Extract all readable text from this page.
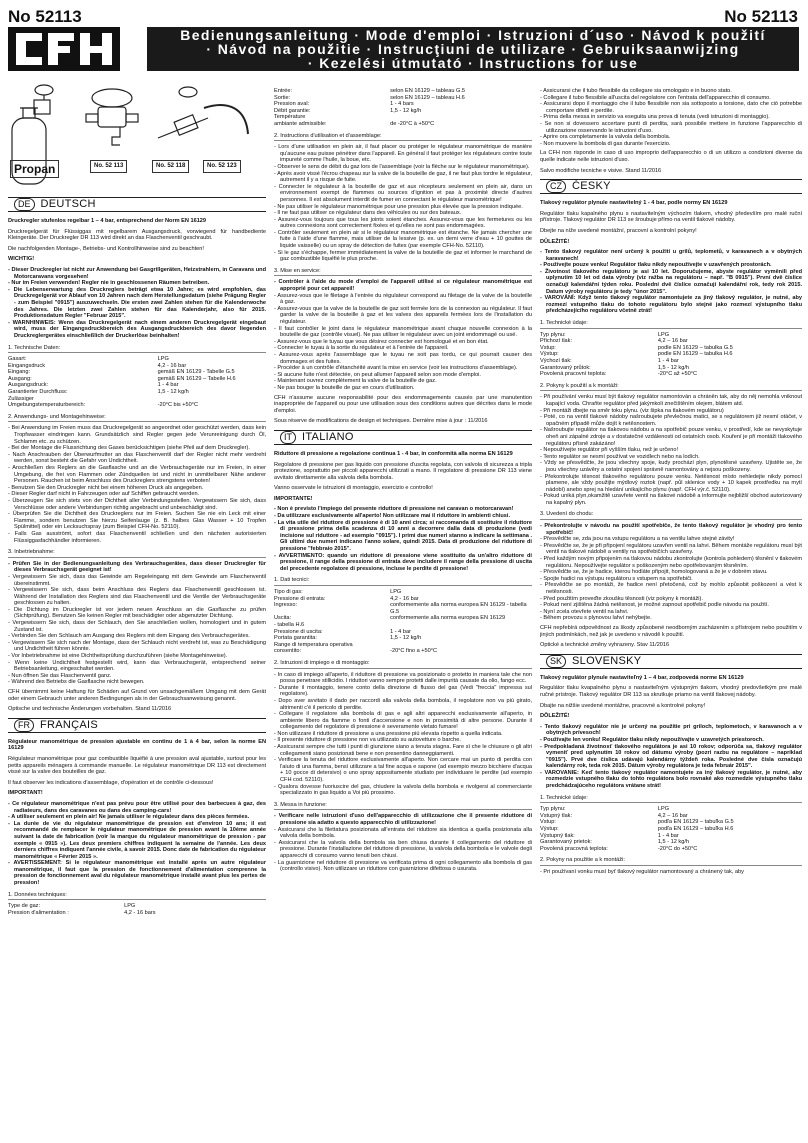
No 52113	No 52113
Bedienungsanleitung · Mode d'emploi · Istruzioni d´uso · Návod k použití
· Návod na použitie · Instrucţiuni de utilizare · Gebruiksaanwijzing
· Kezelési útmutató · Instructions for use
Propan	No. 52 113	No. 52 118	No. 52 123
DE DEUTSCH

Druckregler stufenlos regelbar 1 – 4 bar, entsprechend der Norm EN 16129

Druckregelgerät für Flüssiggas mit regelbarem Ausgangsdruck, vorwiegend für handbediente Kleingeräte. Der Druckregler DR 113 wird direkt an das Flaschenventil geschraubt.

Die nachfolgenden Montage-, Betriebs- und Kontrollhinweise sind zu beachten!

WICHTIG!

- Dieser Druckregler ist nicht zur Anwendung bei Gasgrillgeräten, Heizstrahlern, in Caravans und Motorcaravans vorgesehen!
- Nur im Freien verwenden! Regler nie in geschlossenen Räumen betreiben.
- Die Lebenserwartung des Druckreglers beträgt etwa 10 Jahre; es wird empfohlen, das Druckregelgerät vor Ablauf von 10 Jahren nach dem Herstellungsdatum (siehe Prägung Regler - zum Beispiel "0915") auszuwechseln. Die ersten zwei Zahlen stehen für die Kalenderwoche des Jahres. Die letzten zwei Zahlen stehen für das Kalenderjahr, also für 2015. Produktionsdatum Regler "Februar 2015".
- WARNHINWEIS: Wenn das Druckregelgerät nach einem anderen Druckregelgerät eingebaut wird, muss der Eingangsdruckbereich des Ausgangsdruckbereich des davor liegenden Druckreglergerätes einschließlich der Druckerlöse beinhalten!

1. Technische Daten:

Gasart:	LPG
Eingangsdruck	4,2 - 16 bar
Eingang:	gemäß EN 16129 - Tabelle G.5
Ausgang:	gemäß EN 16129 – Tabelle H.6
Ausgangsdruck:	1 - 4 bar
Garantierter Durchfluss:	1,5 - 12 kg/h
Zulässiger
Umgebungstemperaturbereich:	-20°C bis +50°C

2. Anwendungs- und Montagehinweise:

- Bei Anwendung im Freien muss das Druckregelgerät so angeordnet oder geschützt werden, dass kein Tropfwasser eindringen kann. Grundsätzlich sind Regler gegen jede Verunreinigung durch Öl, Schlamm etc. zu schützen.
- Bei der Montage die Flussrichtung des Gases berücksichtigen (siehe Pfeil auf dem Druckregler).
- Nach Anschrauben der Überwurfmutter an das Flaschenventil darf der Regler nicht mehr verdreht werden, sonst besteht die Gefahr von Undichtheit.
- Anschließen des Reglers an die Gasflasche und an die Verbrauchsgeräte nur im Freien, in einer Umgebung, die frei von Flammen oder Zündquellen ist und nicht in unmittelbarer Nähe anderer Personen. Rauchen ist beim Anschluss des Druckreglers strengstens verboten!
- Benutzen Sie den Druckregler nicht bei einem höheren Druck als angegeben.
- Dieser Regler darf nicht in Fahrzeugen oder auf Schiffen gebraucht werden.
- Überzeugen Sie sich stets von der Dichtheit aller Verbindungsstellen. Vergewissern Sie sich, dass Verschlüsse oder andere Verbindungen richtig angebracht und unbeschädigt sind.
- Überprüfen Sie die Dichtheit des Druckreglers nur im Freien. Suchen Sie nie ein Leck mit einer Flamme, sondern benutzen Sie hierzu Seifenlauge (z. B. halbes Glas Wasser + 10 Tropfen Spülmittel) oder ein Lecksuchspray (zum Beispiel CFH-No. 52110).
- Falls Gas ausströmt, sofort das Flaschenventil schließen und den nächsten autorisierten Flüssiggasfachhändler informieren.

3. Inbetriebnahme:

- Prüfen Sie in der Bedienungsanleitung des Verbrauchsgerätes, dass dieser Druckregler für dieses Verbrauchsgerät geeignet ist!
- Vergewissern Sie sich, dass das Gewinde am Regeleingang mit dem Gewinde am Flaschenventil übereinstimmt.
- Vergewissern Sie sich, dass beim Anschluss des Reglers das Flaschenventil geschlossen ist. Während der Installation des Reglers sind das Flaschenventil und die Ventile der Verbrauchsgeräte geschlossen zu halten.
- Die Dichtung im Druckregler ist vor jedem neuen Anschluss an die Gasflasche zu prüfen (Sichtprüfung). Benutzen Sie keinen Regler mit beschädigter oder abgenutzter Dichtung.
- Vergewissern Sie sich, dass der Schlauch, den Sie anschließen wollen, homologiert und in gutem Zustand ist.
- Verbinden Sie den Schlauch am Ausgang des Reglers mit dem Eingang des Verbrauchsgerätes.
- Vergewissern Sie sich nach der Montage, dass der Schlauch nicht verdreht ist, was zu Beschädigung und Undichtheit führen könnte.
- Vor Inbetriebnahme ist eine Dichtheitsprüfung durchzuführen (siehe Montagehinweise).
- Wenn keine Undichtheit festgestellt wird, kann das Verbrauchsgerät, entsprechend seiner Betriebsanleitung, eingeschaltet werden.
- Nun öffnen Sie das Flaschenventil ganz.
- Während des Betriebs die Gasflasche nicht bewegen.

CFH übernimmt keine Haftung für Schäden auf Grund von unsachgemäßem Umgang mit dem Gerät oder einem Gebrauch unter anderen Bedingungen als in der Gebrauchsanweisung genannt.

Optische und technische Änderungen vorbehalten. Stand 11/2016

FR FRANÇAIS

Régulateur manométrique de pression ajustable en continu de 1 à 4 bar, selon la norme EN 16129

Régulateur manométrique pour gaz combustible liquéfié à une pression aval ajustable, surtout pour les petits appareils ménagers à commande manuelle. Le régulateur manométrique DR 113 est directement vissé sur la valve des bouteilles de gaz.

Il faut observer les indications d'assemblage, d'opération et de contrôle ci-dessous!

IMPORTANT!

- Ce régulateur manométrique n'est pas prévu pour être utilisé pour des barbecues à gaz, des radiateurs, dans des caravanes ou dans des camping-cars!
- A utiliser seulement en plein air! Ne jamais utiliser le régulateur dans des pièces fermées.
- La durée de vie du régulateur manométrique de pression est d'environ 10 ans; il est recommandé de remplacer le régulateur manométrique de pression avant la 10ème année suivant la date de fabrication (voir la marque du régulateur manométrique de pression - par exemple « 0915 »). Les deux premiers chiffres indiquent la semaine de l'année. Les deux derniers chiffres indiquent l'année civile, à savoir 2015. Donc date de fabrication du régulateur manométrique « Février 2015 ».
- AVERTISSEMENT: Si le régulateur manométrique est installé après un autre régulateur manométrique, il faut que la pression de fonctionnement d'alimentation comprenne la pression de fonctionnement aval du régulateur manométrique installé avant plus les pertes de pression!

1. Données techniques:

Type de gaz:	LPG
Pression d'alimentation :	4,2 - 16 bars
Entrée:	selon EN 16129 – tableau G.5
Sortie:	selon EN 16129 – tableau H.6
Pression aval:	1 - 4 bars
Débit garantie:	1,5 - 12 kg/h
Température
ambiante admissible:	de -20°C à +50°C

2. Instructions d'utilisation et d'assemblage:

- Lors d'une utilisation en plein air, il faut placer ou protéger le régulateur manométrique de manière qu'aucune eau puisse pénétrer dans l'appareil. En général il faut protéger les régulateurs contre toute impureté comme l'huile, la boue, etc.
- Observer le sens de débit du gaz lors de l'assemblage (voir la flèche sur le régulateur manométrique).
- Après avoir vissé l'écrou chapeau sur la valve de la bouteille de gaz, il ne faut plus tordre le régulateur, autrement il y a risque de fuite.
- Connecter le régulateur à la bouteille de gaz et aux récepteurs seulement en plein air, dans un environnement exempt de flammes ou sources d'ignition et pas à proximité directe d'autres personnes. Il est absolument interdit de fumer en connectant le régulateur manométrique!
- Ne pas utiliser le régulateur manométrique pour une pression plus élevée que la pression indiquée.
- Il ne faut pas utiliser ce régulateur dans des véhicules ou sur des bateaux.
- Assurez-vous toujours que tous les joints soient étanches. Assurez-vous que les fermetures ou les autres connexions sont correctement fixées et qu'elles ne sont pas endommagées.
- Contrôler seulement en plein air si le régulateur manométrique est étanche. Ne jamais chercher une fuite à l'aide d'une flamme, mais utiliser de la lessive (p. ex. un demi verre d'eau + 10 gouttes de liquide vaisselle) ou un spray de détection de fuites (par exemple CFH-No. 52110).
- Si le gaz s'échappe, fermer immédiatement la valve de la bouteille de gaz et informer le marchand de gaz combustible liquéfié le plus proche.

3. Mise en service:

- Contrôler à l'aide du mode d'emploi de l'appareil utilisé si ce régulateur manométrique est approprié pour cet appareil!
- Assurez-vous que le filetage à l'entrée du régulateur correspond au filetage de la valve de la bouteille à gaz.
- Assurez-vous que la valve de la bouteille de gaz soit fermée lors de la connexion au régulateur. Il faut garder la valve de la bouteille à gaz et les valves des appareils fermées lors de l'installation du régulateur.
- Il faut contrôler le joint dans le régulateur manométrique avant chaque nouvelle connexion à la bouteille de gaz (contrôle visuel). Ne pas utiliser le régulateur avec un joint endommagé ou usé.
- Assurez-vous que le tuyau que vous désirez connecter est homologué et en bon état.
- Connecter le tuyau à la sortie du régulateur et à l'entrée de l'appareil.
- Assurez-vous après l'assemblage que le tuyau ne soit pas tordu, ce qui pourrait causer des dommages et des fuites.
- Procéder à un contrôle d'étanchéité avant la mise en service (voir les instructions d'assemblage).
- Si aucune fuite n'est détectée, on peut allumer l'appareil selon son mode d'emploi.
- Maintenant ouvrez complètement la valve de la bouteille de gaz.
- Ne pas bouger la bouteille de gaz en cours d'utilisation.

CFH n'assume aucune responsabilité pour des endommagements causés par une manutention inappropriée de l'appareil ou pour une utilisation sous des conditions autres que décrites dans le mode d'emploi.

Sous réserve de modifications de design et techniques. Dernière mise à jour : 11/2016

IT ITALIANO

Riduttore di pressione a regolazione continua 1 - 4 bar, in conformità alla norma EN 16129

Regolatore di pressione per gas liquido con pressione d'uscita regolata, con valvola di sicurezza a tripla protezione, soprattutto per piccoli apparecchi utilizzati a mano. Il regolatore di pressione DR 113 viene avvitato direttamente alla valvola della bombola.

Vanno osservate le istruzioni di montaggio, esercizio e controllo!

IMPORTANTE!

- Non è previsto l'impiego del presente riduttore di pressione nei caravan o motorcaravan!
- Da utilizzare esclusivamente all'aperto! Non utilizzare mai il riduttore in ambienti chiusi.
- La vita utile del riduttore di pressione è di 10 anni circa; si raccomanda di sostituire il riduttore di pressione prima della scadenza di 10 anni a decorrere dalla data di produzione (vedi incisione sul riduttore - ad esempio "0915"). I primi due numeri stanno a indicare la settimana . Gli ultimi due numeri indicano l'anno solare, quindi 2015. Data di produzione del riduttore di pressione "febbraio 2015".
- AVVERTIMENTO: quando un riduttore di pressione viene sostituito da un'altro riduttore di pressione, il range della pressione di entrata deve includere il range della pressione di uscita del precedente regolatore di pressione, incluse le perdite di pressione!

1. Dati tecnici:

Tipo di gas:	LPG
Pressione di entrata:	4,2 - 16 bar
Ingresso:	conformemente alla norma europea EN 16129 - tabella G.5
Uscita:	conformemente alla norma europea EN 16129
- tabella H.6
Pressione di uscita:	1 - 4 bar
Portata garantita:	1,5 - 12 kg/h
Range di temperatura operativa
consentito:	-20°C fino a +50°C

2. Istruzioni di impiego e di montaggio:

- In caso di impiego all'aperto, il riduttore di pressione va posizionato o protetto in maniera tale che non possa penetrare stillicidio. I riduttori vanno sempre protetti dalle impurità causate da olio, fango ecc.
- Durante il montaggio, tenere conto della direzione di flusso del gas (Vedi "freccia" impressa sul regolatore).
- Dopo aver avvitato il dado per raccordi alla valvola della bombola, il regolatore non va più girato, altrimenti c'è il pericolo di perdite.
- Collegare il regolatore alla bombola di gas e agli altri apparecchi esclusivamente all'aperto, in ambiente libero da fiamme o fonti d'accensione e non in prossimità di altre persone. Durante il collegamento del regolatore di pressione è severamente vietato fumare!
- Non utilizzare il riduttore di pressione a una pressione più elevata rispetto a quella indicata.
- Il presente riduttore di pressione non va utilizzato su autovetture o barche.
- Assicurarsi sempre che tutti i punti di giunzione siano a tenuta stagna. Fare sì che le chiusure o gli altri collegamenti siano posizionati bene e non presentino danneggiamenti.
- Verificare la tenuta del riduttore esclusivamente all'aperto. Non cercare mai un punto di perdita con l'aiuto di una fiamma, bensì utilizzare a tal fine acqua e sapone (ad esempio mezzo bicchiere d'acqua + 10 gocce di detersivo) o uno spray appositamente studiato per individuare le perdite (ad esempio CFH cod. 52110).
- Qualora dovesse fuoriuscire del gas, chiudere la valvola della bombola e rivolgersi al commerciante specializzato in gas liquido a Voi più prossimo.

3. Messa in funzione:

- Verificare nelle istruzioni d'uso dell'apparecchio di utilizzazione che il presente riduttore di pressione sia adatto a questo apparecchio di utilizzazione!
- Assicurarsi che la filettatura posizionata all'entrata del riduttore sia identica a quella posizionata alla valvola della bombola.
- Assicurarsi che la valvola della bombola sia ben chiusa durante il collegamento del riduttore di pressione. Durante l'installazione del riduttore di pressione, la valvola della bombola e le valvole degli apparecchi di consumo vanno tenuti ben chiusi.
- La guarnizione nel riduttore di pressione va verificata prima di ogni collegamento alla bombola di gas (controllo visivo). Non utilizzare un riduttore con guarnizione difettosa o usurata.
- Assicurarsi che il tubo flessibile da collegare sia omologato e in buono stato.
- Collegare il tubo flessibile all'uscita del regolatore con l'entrata dell'apparecchio di consumo.
- Assicurarsi dopo il montaggio che il tubo flessibile non sia sottoposto a torsione, dato che ciò potrebbe comportare difetti e perdite.
- Prima della messa in servizio va eseguita una prova di tenuta (vedi istruzioni di montaggio).
- Se non si dovessero accertare punti di perdita, sarà possibile mettere in funzione l'apparecchio di utilizzazione osservando le istruzioni d'uso.
- Aprire ora completamente la valvola della bombola.
- Non muovere la bombola di gas durante l'esercizio.

La CFH non risponde in caso di uso improprio dell'apparecchio o di un utilizzo a condizioni diverse da quelle indicate nelle istruzioni d'uso.

Salvo modifiche tecniche e visive. Stand 11/2016

CZ ČESKY

Tlakový regulátor plynule nastavitelný 1 - 4 bar, podle normy EN 16129

Regulátor tlaku kapalného plynu s nastavitelným výchozím tlakem, vhodný především pro malé ruční přístroje. Tlakový regulátor DR 113 se šroubuje přímo na ventil tlakové nádoby.

Dbejte na níže uvedené montážní, pracovní a kontrolní pokyny!

DŮLEŽITÉ!

- Tento tlakový regulátor není určený k použití u grilů, teplometů, v karavanech a v obytných karavanech!
- Používejte pouze venku! Regulátor tlaku nikdy nepoužívejte v uzavřených prostorách.
- Životnost tlakového regulátoru je asi 10 let. Doporučujeme, abyste regulátor vyměnili před uplynutím 10 let od data výroby (viz ražba na regulátoru – např. "B 0915"). První dvě číslice označují kalendářní týden roku. Poslední dvě číslice označují kalendářní rok, tedy rok 2015. Datum výroby regulátoru je tedy "únor 2015".
- VAROVÁNÍ: Když tento tlakový regulátor namontujete za jiný tlakový regulátor, je nutné, aby rozmezí vstupního tlaku do tohoto regulátoru bylo stejné jako rozmezí výstupního tlaku předcházejícího regulátoru včetně ztrát!

1. Technické údaje:

Typ plynu:	LPG
Přichozí tlak:	4,2 – 16 bar
Vstup:	podle EN 16129 – tabulka G.5
Výstup:	podle EN 16129 – tabulka H.6
Výchozí tlak:	1 - 4 bar
Garantovaný průtok:	1,5 - 12 kg/h
Povolená pracovní teplota:	-20°C až +50°C

2. Pokyny k použití a k montáži:

- Při používání venku musí být tlakový regulátor namontován a chráněn tak, aby do něj nemohla vniknout kapající voda. Chraňte regulátor před jakýmkoli znečištěním olejem, blátem atd.
- Při montáži dbejte na směr toku plynu. (viz šipka na tlakovém regulátoru)
- Poté, co na ventil tlakové nádoby našroubujete převlečnou matici, se s regulátorem již nesmí otáčet, v opačném případě může dojít k netěsnostem.
- Našroubujte regulátor na tlakovou nádobu a na spotřebič pouze venku, v prostředí, kde se nevyskytuje oheň ani zápalné zdroje a v dostatečné vzdálenosti od ostatních osob. Kouření je při montáži tlakového regulátoru přísně zakázáno!
- Nepoužívejte regulátor při vyšším tlaku, než je určeno!
- Tento regulátor se nesmí používat ve vozidlech nebo na lodích.
- Vždy se přesvědčte, že jsou všechny spoje, kudy prochází plyn, plynotěsné uzavřeny. Ujistěte se, že jsou všechny uzávěry a ostatní spojení správně namontovány a nejsou poškozeny.
- Překontrolujte těsnost tlakového regulátoru pouze venku. Netěsnost místo nehledejte nikdy pomocí plamene, ale vždy použijte mýdlový roztok (např. půl sklenice vody + 10 kapek prostředku na mytí nádobí) anebo sprej na hledání unikajícího plynu (např. CFH výr.č. 52110).
- Pokud uniká plyn,okamžitě uzavřete ventil na tlakové nádobě a informujte nejbližší obchod autorizovaný na kapalný plyn.

3. Uvedení do chodu:

- Překontrolujte v návodu na použití spotřebiče, že tento tlakový regulátor je vhodný pro tento spotřebič!
- Přesvědčte se, zda jsou na vstupu regulátoru a na ventilu lahve stejné závity!
- Přesvědčte se, že je při připojení regulátoru uzavřen ventil na lahvi. Během montáže regulátoru musí být ventil na tlakové nádobě a ventily na spotřebičích uzavřeny.
- Před každým novým připojením na tlakovou nádobu zkontrolujte (kontrola pohledem) těsnění v tlakovém regulátoru. Nepoužívejte regulátor s poškozeným nebo opotřebovaným těsněním.
- Přesvědčte se, že je hadice, kterou hodláte připojit, homologovaná a že je v dobrém stavu.
- Spojte hadici na výstupu regulátoru s vstupem na spotřebiči.
- Přesvědčte se po montáži, že hadice není přetočená, což by mohlo způsobit poškození a vést k netěsnosti.
- Před použitím proveďte zkoušku těsnosti (viz pokyny k montáži).
- Pokud není zjištěna žádná netěsnost, je možné zapnout spotřebič podle návodu na použití.
- Nyní zcela otevřete ventil na lahvi.
- Během provozu s plynovou lahví nehýbejte.

CFH nepřebírá odpovědnost za škody způsobené neodborným zacházením s přístrojem nebo použitím v jiných podmínkách, než jak je uvedeno v návodě k použití.

Optické a technické změny vyhrazeny. Stav 11/2016

SK SLOVENSKY

Tlakový regulátor plynule nastaviteľný 1 – 4 bar, zodpovedá norme EN 16129

Regulátor tlaku kvapalného plynu s nastaviteľným výstupným tlakom, vhodný predovšetkým pre malé ručné prístroje. Tlakový regulátor DR 113 sa skrutkuje priamo na ventil tlakovej nádoby.

Dbajte na nižšie uvedené montážne, pracovné a kontrolné pokyny!

DÔLEŽITÉ!

- Tento tlakový regulátor nie je určený na použitie pri griloch, teplometoch, v karavanoch a v obytných prívesoch!
- Používajte len vonku! Regulátor tlaku nikdy nepoužívajte v uzavretých priestoroch.
- Predpokladaná životnosť tlakového regulátora je asi 10 rokov; odporúča sa, tlakový regulátor vymeniť pred uplynutím 10 rokov od dátumu výroby (pozri razbu na regulátore – napríklad "0915"). Prvé dve číslica udávajú kalendárny týždeň roka. Posledné dve čísla označujú kalendárny rok, teda rok 2015. Dátum výroby regulátora je teda február 2015".
- VAROVANIE: Keď tento tlakový regulátor namontujete za iný tlakový regulátor, je nutné, aby rozmedzie vstupného tlaku do tohto regulátora bolo rovnaké ako rozmedzie výstupného tlaku predchádzajúceho regulátora vrátane strát!

1. Technické údaje:

Typ plynu:	LPG
Vstupný tlak:	4,2 – 16 bar
Vstup:	podľa EN 16129 – tabuľka G.5
Výstup:	podľa EN 16129 – tabuľka H.6
Výstupný tlak:	1 - 4 bar
Garantovaný prietok:	1,5 - 12 kg/h
Povolená pracovná teplota:	-20°C do +50°C

2. Pokyny na použitie a k montáži:

- Pri používaní vonku musí byť tlakový regulátor namontovaný a chránený tak, aby
